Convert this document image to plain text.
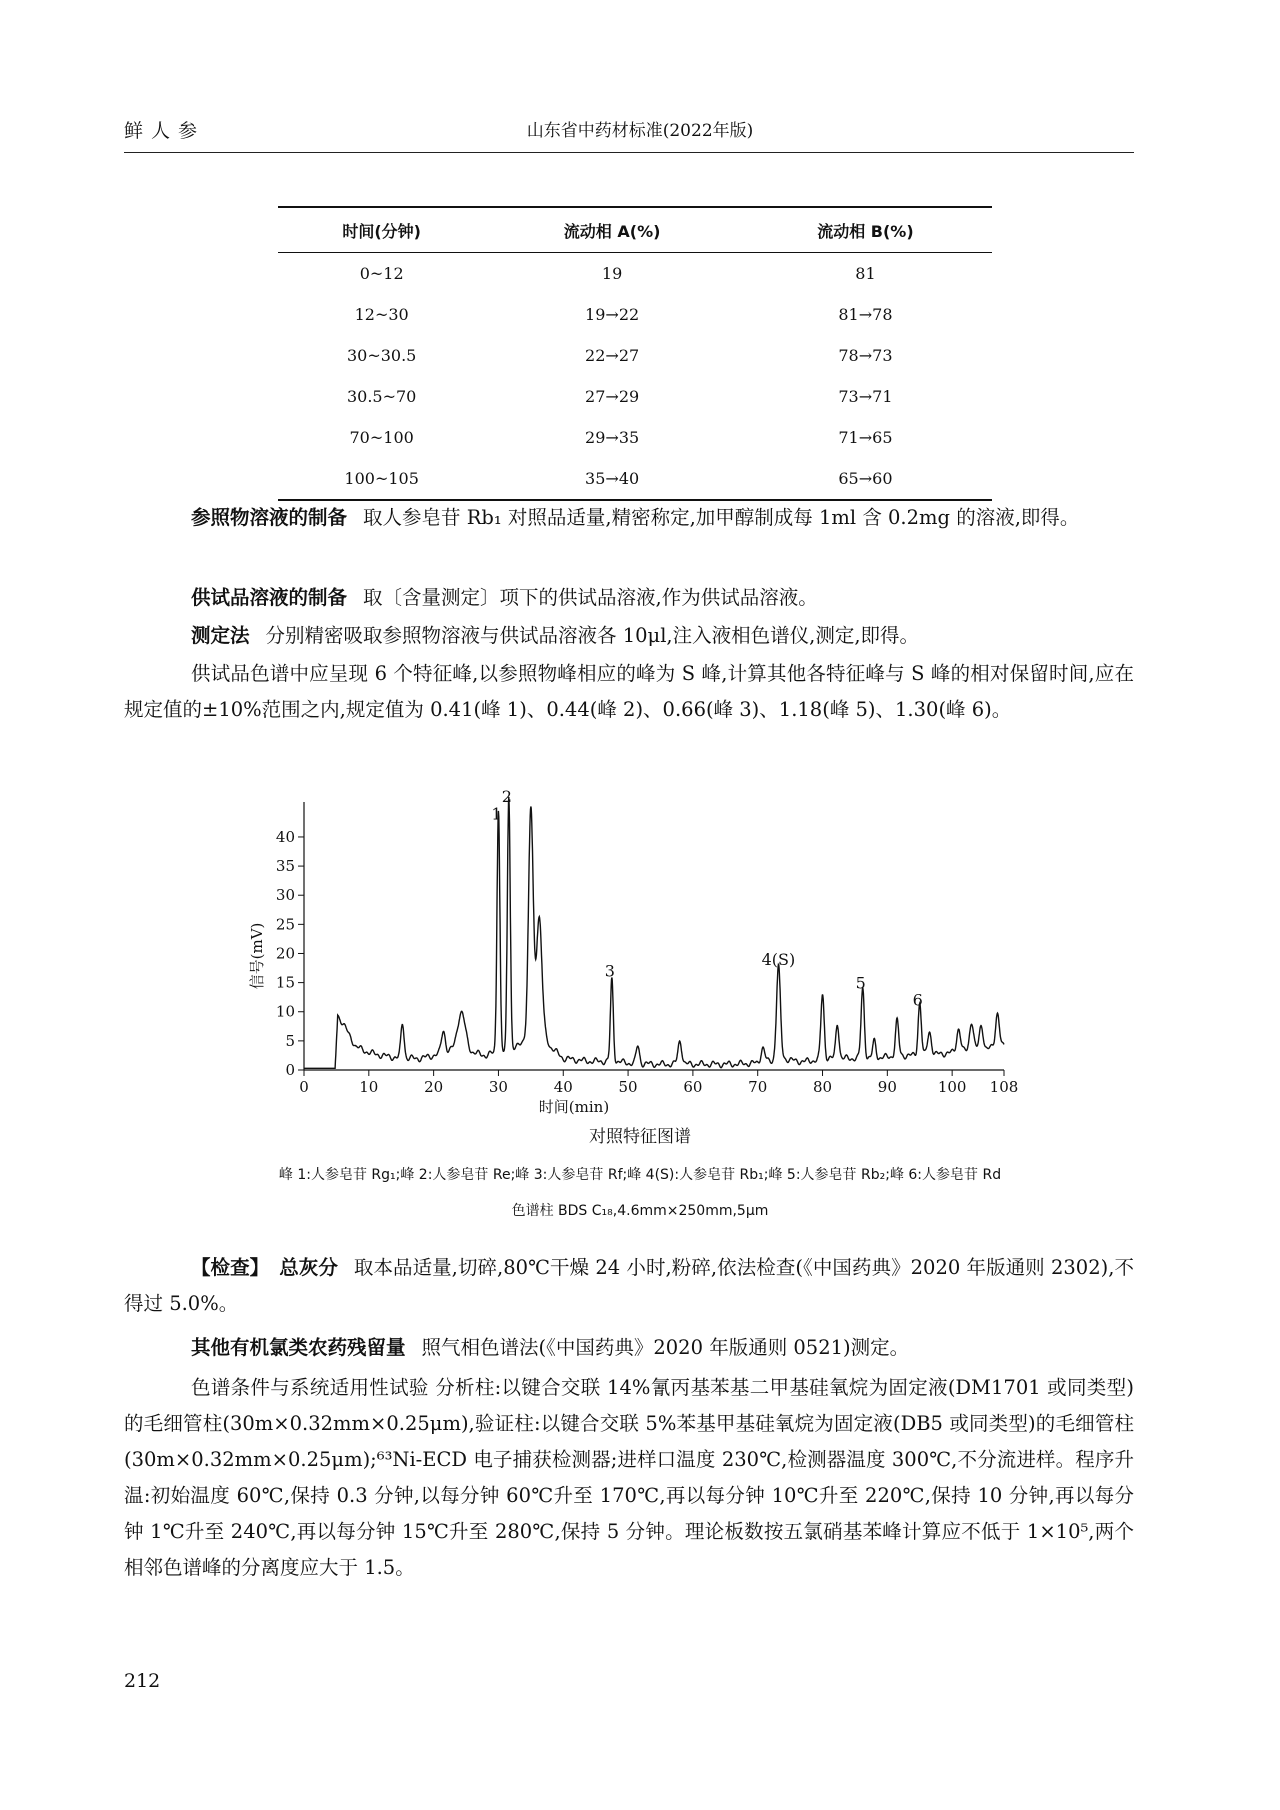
鲜人参	山东省中药材标准(2022年版)
时间(分钟)	流动相 A(%)	流动相 B(%)
0~12	19	81
12~30	19→22	81→78
30~30.5	22→27	78→73
30.5~70	27→29	73→71
70~100	29→35	71→65
100~105	35→40	65→60
参照物溶液的制备 取人参皂苷 Rb₁ 对照品适量,精密称定,加甲醇制成每 1ml 含 0.2mg 的溶液,即得。
供试品溶液的制备 取〔含量测定〕项下的供试品溶液,作为供试品溶液。
测定法 分别精密吸取参照物溶液与供试品溶液各 10μl,注入液相色谱仪,测定,即得。
供试品色谱中应呈现 6 个特征峰,以参照物峰相应的峰为 S 峰,计算其他各特征峰与 S 峰的相对保留时间,应在规定值的±10%范围之内,规定值为 0.41(峰 1)、0.44(峰 2)、0.66(峰 3)、1.18(峰 5)、1.30(峰 6)。
0
5
10
15
20
25
30
35
40
0	10	20	30	40	50	60	70	80	90	100 108
时间(min)
信号(mV)
1
2
3
4(S)
5
6
对照特征图谱
峰 1:人参皂苷 Rg₁;峰 2:人参皂苷 Re;峰 3:人参皂苷 Rf;峰 4(S):人参皂苷 Rb₁;峰 5:人参皂苷 Rb₂;峰 6:人参皂苷 Rd
色谱柱 BDS C₁₈,4.6mm×250mm,5μm
【检查】 总灰分 取本品适量,切碎,80℃干燥 24 小时,粉碎,依法检查(《中国药典》2020 年版通则 2302),不得过 5.0%。
其他有机氯类农药残留量 照气相色谱法(《中国药典》2020 年版通则 0521)测定。
色谱条件与系统适用性试验 分析柱:以键合交联 14%氰丙基苯基二甲基硅氧烷为固定液(DM1701 或同类型)的毛细管柱(30m×0.32mm×0.25μm),验证柱:以键合交联 5%苯基甲基硅氧烷为固定液(DB5 或同类型)的毛细管柱(30m×0.32mm×0.25μm);⁶³Ni-ECD 电子捕获检测器;进样口温度 230℃,检测器温度 300℃,不分流进样。程序升温:初始温度 60℃,保持 0.3 分钟,以每分钟 60℃升至 170℃,再以每分钟 10℃升至 220℃,保持 10 分钟,再以每分钟 1℃升至 240℃,再以每分钟 15℃升至 280℃,保持 5 分钟。理论板数按五氯硝基苯峰计算应不低于 1×10⁵,两个相邻色谱峰的分离度应大于 1.5。
212
